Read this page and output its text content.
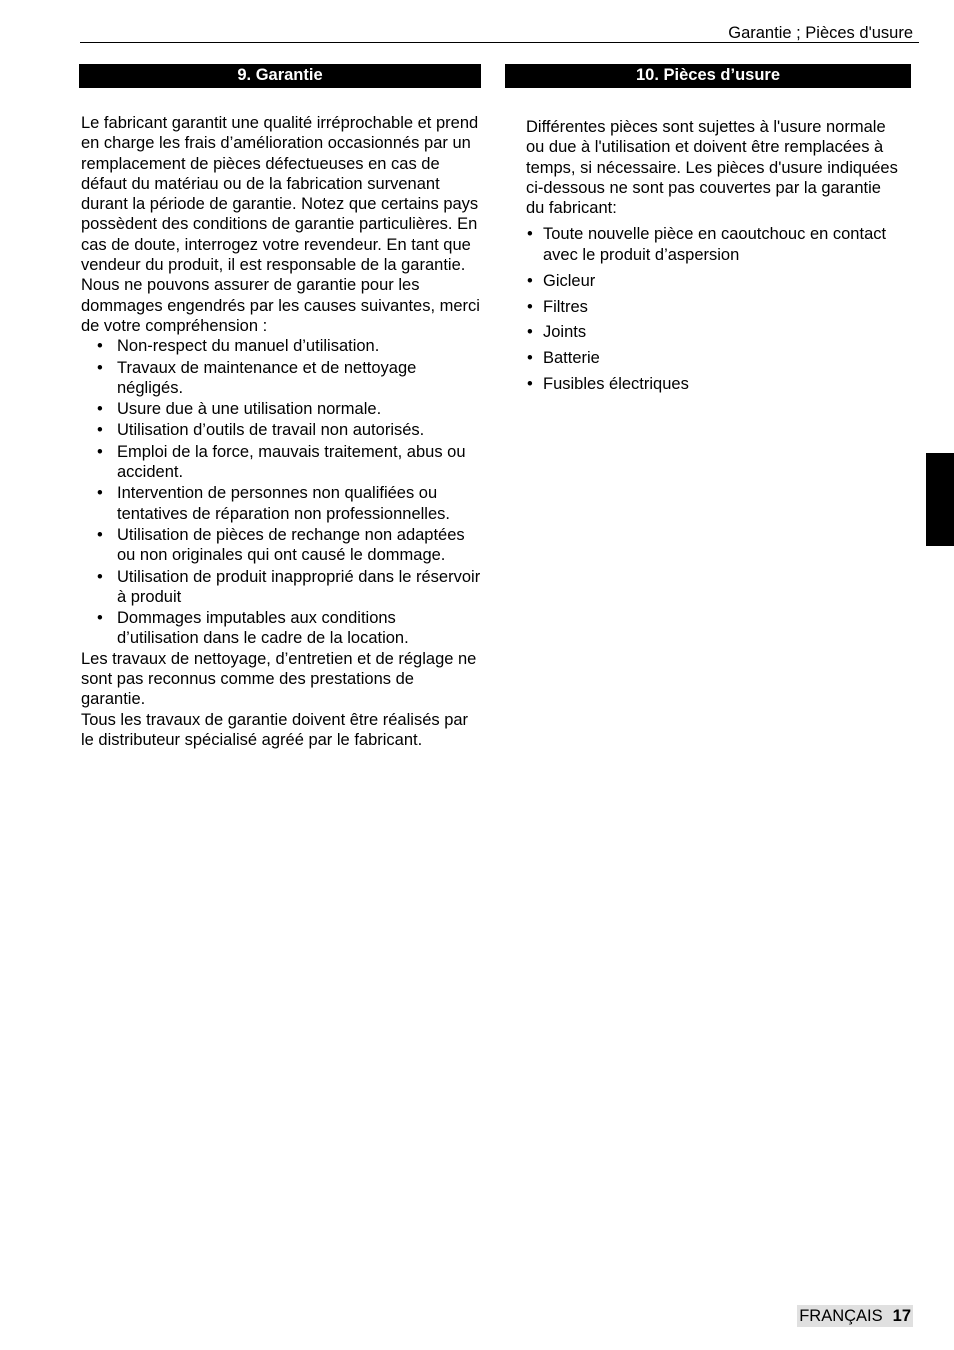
Garantie ; Pièces d'usure
9. Garantie

Le fabricant garantit une qualité irréprochable et prend en charge les frais d’amélioration occasionnés par un remplacement de pièces défectueuses en cas de défaut du matériau ou de la fabrication survenant durant la période de garantie. Notez que certains pays possèdent des conditions de garantie particulières. En cas de doute, interrogez votre revendeur. En tant que vendeur du produit, il est responsable de la garantie.

Nous ne pouvons assurer de garantie pour les dommages engendrés par les causes suivantes, merci de votre compréhension :

• Non-respect du manuel d’utilisation.
• Travaux de maintenance et de nettoyage négligés.
• Usure due à une utilisation normale.
• Utilisation d’outils de travail non autorisés.
• Emploi de la force, mauvais traitement, abus ou accident.
• Intervention de personnes non qualifiées ou tentatives de réparation non professionnelles.
• Utilisation de pièces de rechange non adaptées ou non originales qui ont causé le dommage.
• Utilisation de produit inapproprié dans le réservoir à produit
• Dommages imputables aux conditions d’utilisation dans le cadre de la location.

Les travaux de nettoyage, d’entretien et de réglage ne sont pas reconnus comme des prestations de garantie.

Tous les travaux de garantie doivent être réalisés par le distributeur spécialisé agréé par le fabricant.

10. Pièces d’usure

Différentes pièces sont sujettes à l'usure normale ou due à l'utilisation et doivent être remplacées à temps, si nécessaire. Les pièces d'usure indiquées ci-dessous ne sont pas couvertes par la garantie du fabricant:

• Toute nouvelle pièce en caoutchouc en contact avec le produit d’aspersion
• Gicleur
• Filtres
• Joints
• Batterie
• Fusibles électriques
FRANÇAIS 17
